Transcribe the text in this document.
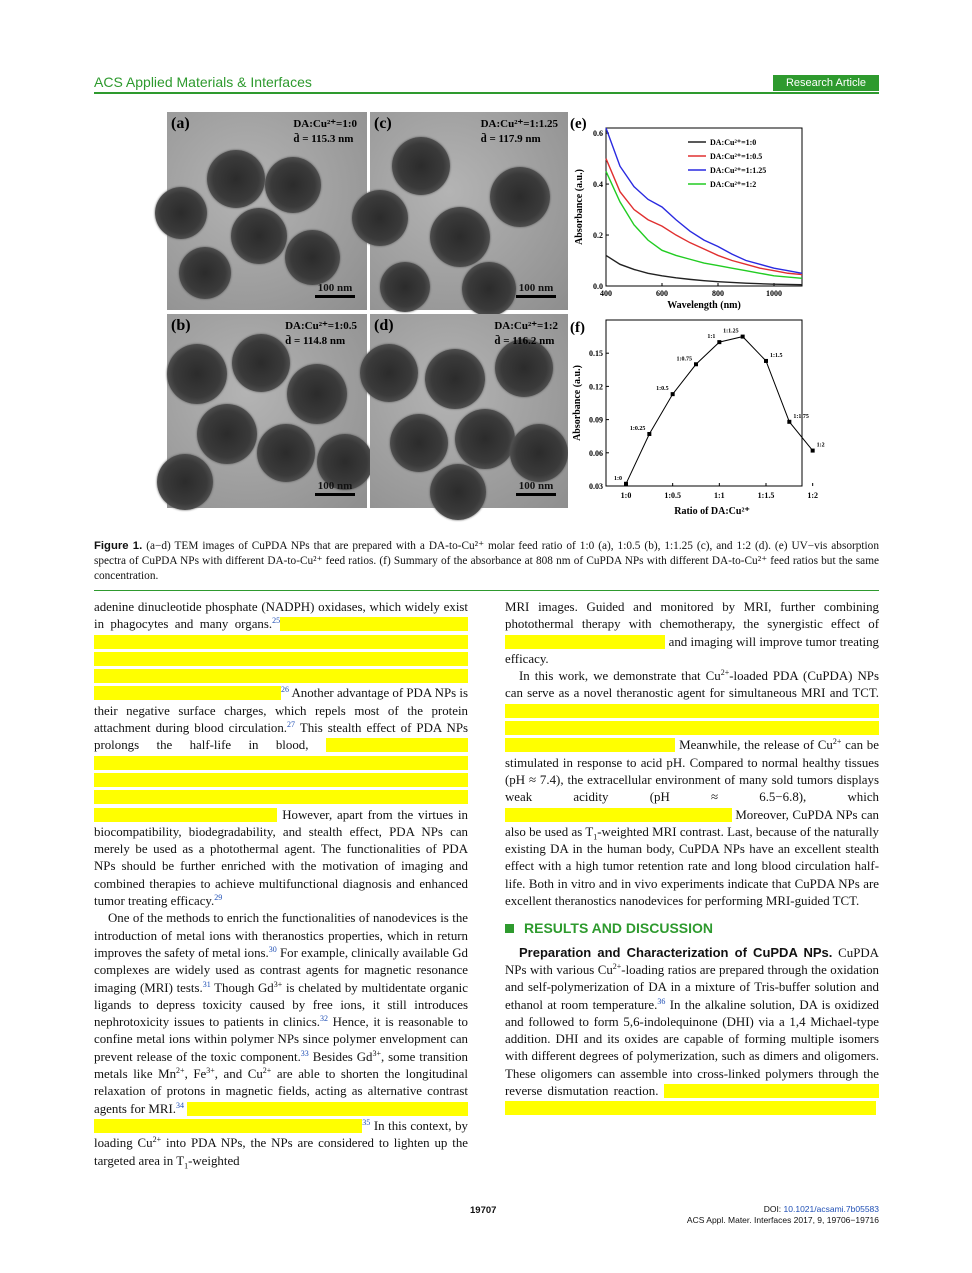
ACS Applied Materials & Interfaces	Research Article
(a)	DA:Cu²⁺=1:0
d̄ = 115.3 nm
100 nm
(c)	DA:Cu²⁺=1:1.25
d̄ = 117.9 nm
100 nm
(b)	DA:Cu²⁺=1:0.5
d̄ = 114.8 nm
100 nm
(d)	DA:Cu²⁺=1:2
d̄ = 116.2 nm
100 nm
(e)
400	600	800	1000
0.0
0.2
0.4
0.6
Wavelength (nm)
Absorbance (a.u.)
DA:Cu²⁺=1:0
DA:Cu²⁺=1:0.5
DA:Cu²⁺=1:1.25
DA:Cu²⁺=1:2
(f)
1:0	1:0.5	1:1	1:1.5	1:2
0.03
0.06
0.09
0.12
0.15
Ratio of DA:Cu²⁺
Absorbance (a.u.)
1:0
1:0.25
1:0.5
1:0.75
1:1
1:1.25
1:1.5
1:1.75
1:2
Figure 1. (a−d) TEM images of CuPDA NPs that are prepared with a DA-to-Cu²⁺ molar feed ratio of 1:0 (a), 1:0.5 (b), 1:1.25 (c), and 1:2 (d). (e) UV−vis absorption spectra of CuPDA NPs with different DA-to-Cu²⁺ feed ratios. (f) Summary of the absorbance at 808 nm of CuPDA NPs with different DA-to-Cu²⁺ feed ratios but the same concentration.

adenine dinucleotide phosphate (NADPH) oxidases, which widely exist in phagocytes and many organs.$^{25}$​                                                                                                                                                                                                                                                                                                                                  $^{26}$ Another advantage of PDA NPs is their negative surface charges, which repels most of the protein attachment during blood circulation.$^{27}$ This stealth effect of PDA NPs prolongs the half-life in blood,                                                                                                                                                                                                                                                                                                             However, apart from the virtues in biocompatibility, biodegradability, and stealth effect, PDA NPs can merely be used as a photothermal agent. The functionalities of PDA NPs should be further enriched with the motivation of imaging and combined therapies to achieve multifunctional diagnosis and enhanced tumor treating efficacy.$^{29}$

One of the methods to enrich the functionalities of nanodevices is the introduction of metal ions with theranostics properties, which in return improves the safety of metal ions.$^{30}$ For example, clinically available Gd complexes are widely used as contrast agents for magnetic resonance imaging (MRI) tests.$^{31}$ Though $Gd^{3+}$ is chelated by multidentate organic ligands to depress toxicity caused by free ions, it still introduces nephrotoxicity issues to patients in clinics.$^{32}$ Hence, it is reasonable to confine metal ions within polymer NPs since polymer envelopment can prevent release of the toxic component.$^{33}$ Besides $Gd^{3+}$, some transition metals like $Mn^{2+}$, $Fe^{3+}$, and $Cu^{2+}$ are able to shorten the longitudinal relaxation of protons in magnetic fields, acting as alternative contrast agents for MRI.$^{34}$                                                                                                                                                                    $^{35}$ In this context, by loading $Cu^{2+}$ into PDA NPs, the NPs are considered to lighten up the targeted area in $T_1$-weighted

MRI images. Guided and monitored by MRI, further combining photothermal therapy with chemotherapy, the synergistic effect of                                                   and imaging will improve tumor treating efficacy.

In this work, we demonstrate that $Cu^{2+}$-loaded PDA (CuPDA) NPs can serve as a novel theranostic agent for simultaneous MRI and TCT.                                                                                                                                                                                                                                                     Meanwhile, the release of $Cu^{2+}$ can be stimulated in response to acid pH. Compared to normal healthy tissues (pH ≈ 7.4), the extracellular environment of many sold tumors displays weak acidity (pH ≈ 6.5−6.8), which                                                                  Moreover, CuPDA NPs can also be used as $T_1$-weighted MRI contrast. Last, because of the naturally existing DA in the human body, CuPDA NPs have an excellent stealth effect with a high tumor retention rate and long blood circulation half-life. Both in vitro and in vivo experiments indicate that CuPDA NPs are excellent theranostics nanodevices for performing MRI-guided TCT.

RESULTS AND DISCUSSION

Preparation and Characterization of CuPDA NPs. CuPDA NPs with various $Cu^{2+}$-loading ratios are prepared through the oxidation and self-polymerization of DA in a mixture of Tris-buffer solution and ethanol at room temperature.$^{36}$ In the alkaline solution, DA is oxidized and followed to form 5,6-indolequinone (DHI) via a 1,4 Michael-type addition. DHI and its oxides are capable of forming multiple isomers with different degrees of polymerization, such as dimers and oligomers. These oligomers can assemble into cross-linked polymers through the reverse dismutation reaction.

19707	DOI: 10.1021/acsami.7b05583
ACS Appl. Mater. Interfaces 2017, 9, 19706−19716
